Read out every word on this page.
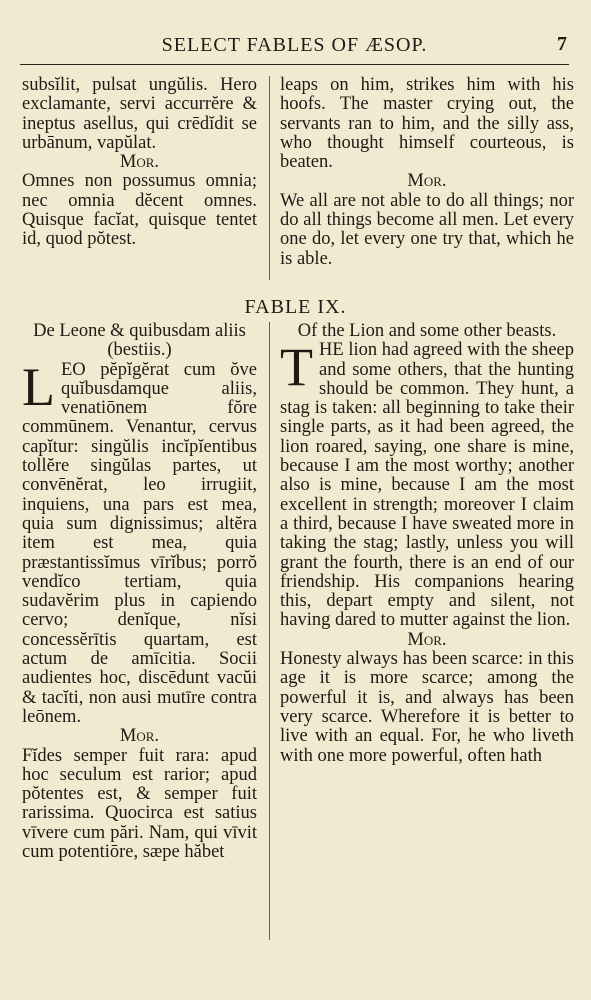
SELECT FABLES OF ÆSOP.	7

subsĭlit, pulsat ungŭlis. Hero exclamante, servi accurrĕre & ineptus asellus, qui crēdĭdit se urbānum, vapŭlat.

Mor.

Omnes non possumus omnia; nec omnia dĕcent omnes. Quisque facĭat, quisque tentet id, quod pŏtest.

leaps on him, strikes him with his hoofs. The master crying out, the servants ran to him, and the silly ass, who thought himself courteous, is beaten.

Mor.

We all are not able to do all things; nor do all things become all men. Let every one do, let every one try that, which he is able.

FABLE IX.

De Leone & quibusdam aliis (bestiis.)

LEO pĕpĭgĕrat cum ŏve quĭbusdamque aliis, venatiōnem fŏre commūnem. Venantur, cervus capĭtur: singŭlis incĭpĭentibus tollĕre singŭlas partes, ut convēnĕrat, leo irrugiit, inquiens, una pars est mea, quia sum dignissimus; altĕra item est mea, quia præstantissĭmus vīrĭbus; porrŏ vendĭco tertiam, quia sudavĕrim plus in capiendo cervo; denĭque, nĭsi concessĕrītis quartam, est actum de amīcitia. Socii audientes hoc, discēdunt vacŭi & tacĭti, non ausi mutīre contra leōnem.

Mor.

Fĭdes semper fuit rara: apud hoc seculum est rarior; apud pŏtentes est, & semper fuit rarissima. Quocirca est satius vīvere cum pări. Nam, qui vīvit cum potentiōre, sæpe hăbet

Of the Lion and some other beasts.

THE lion had agreed with the sheep and some others, that the hunting should be common. They hunt, a stag is taken: all beginning to take their single parts, as it had been agreed, the lion roared, saying, one share is mine, because I am the most worthy; another also is mine, because I am the most excellent in strength; moreover I claim a third, because I have sweated more in taking the stag; lastly, unless you will grant the fourth, there is an end of our friendship. His companions hearing this, depart empty and silent, not having dared to mutter against the lion.

Mor.

Honesty always has been scarce: in this age it is more scarce; among the powerful it is, and always has been very scarce. Wherefore it is better to live with an equal. For, he who liveth with one more powerful, often hath
